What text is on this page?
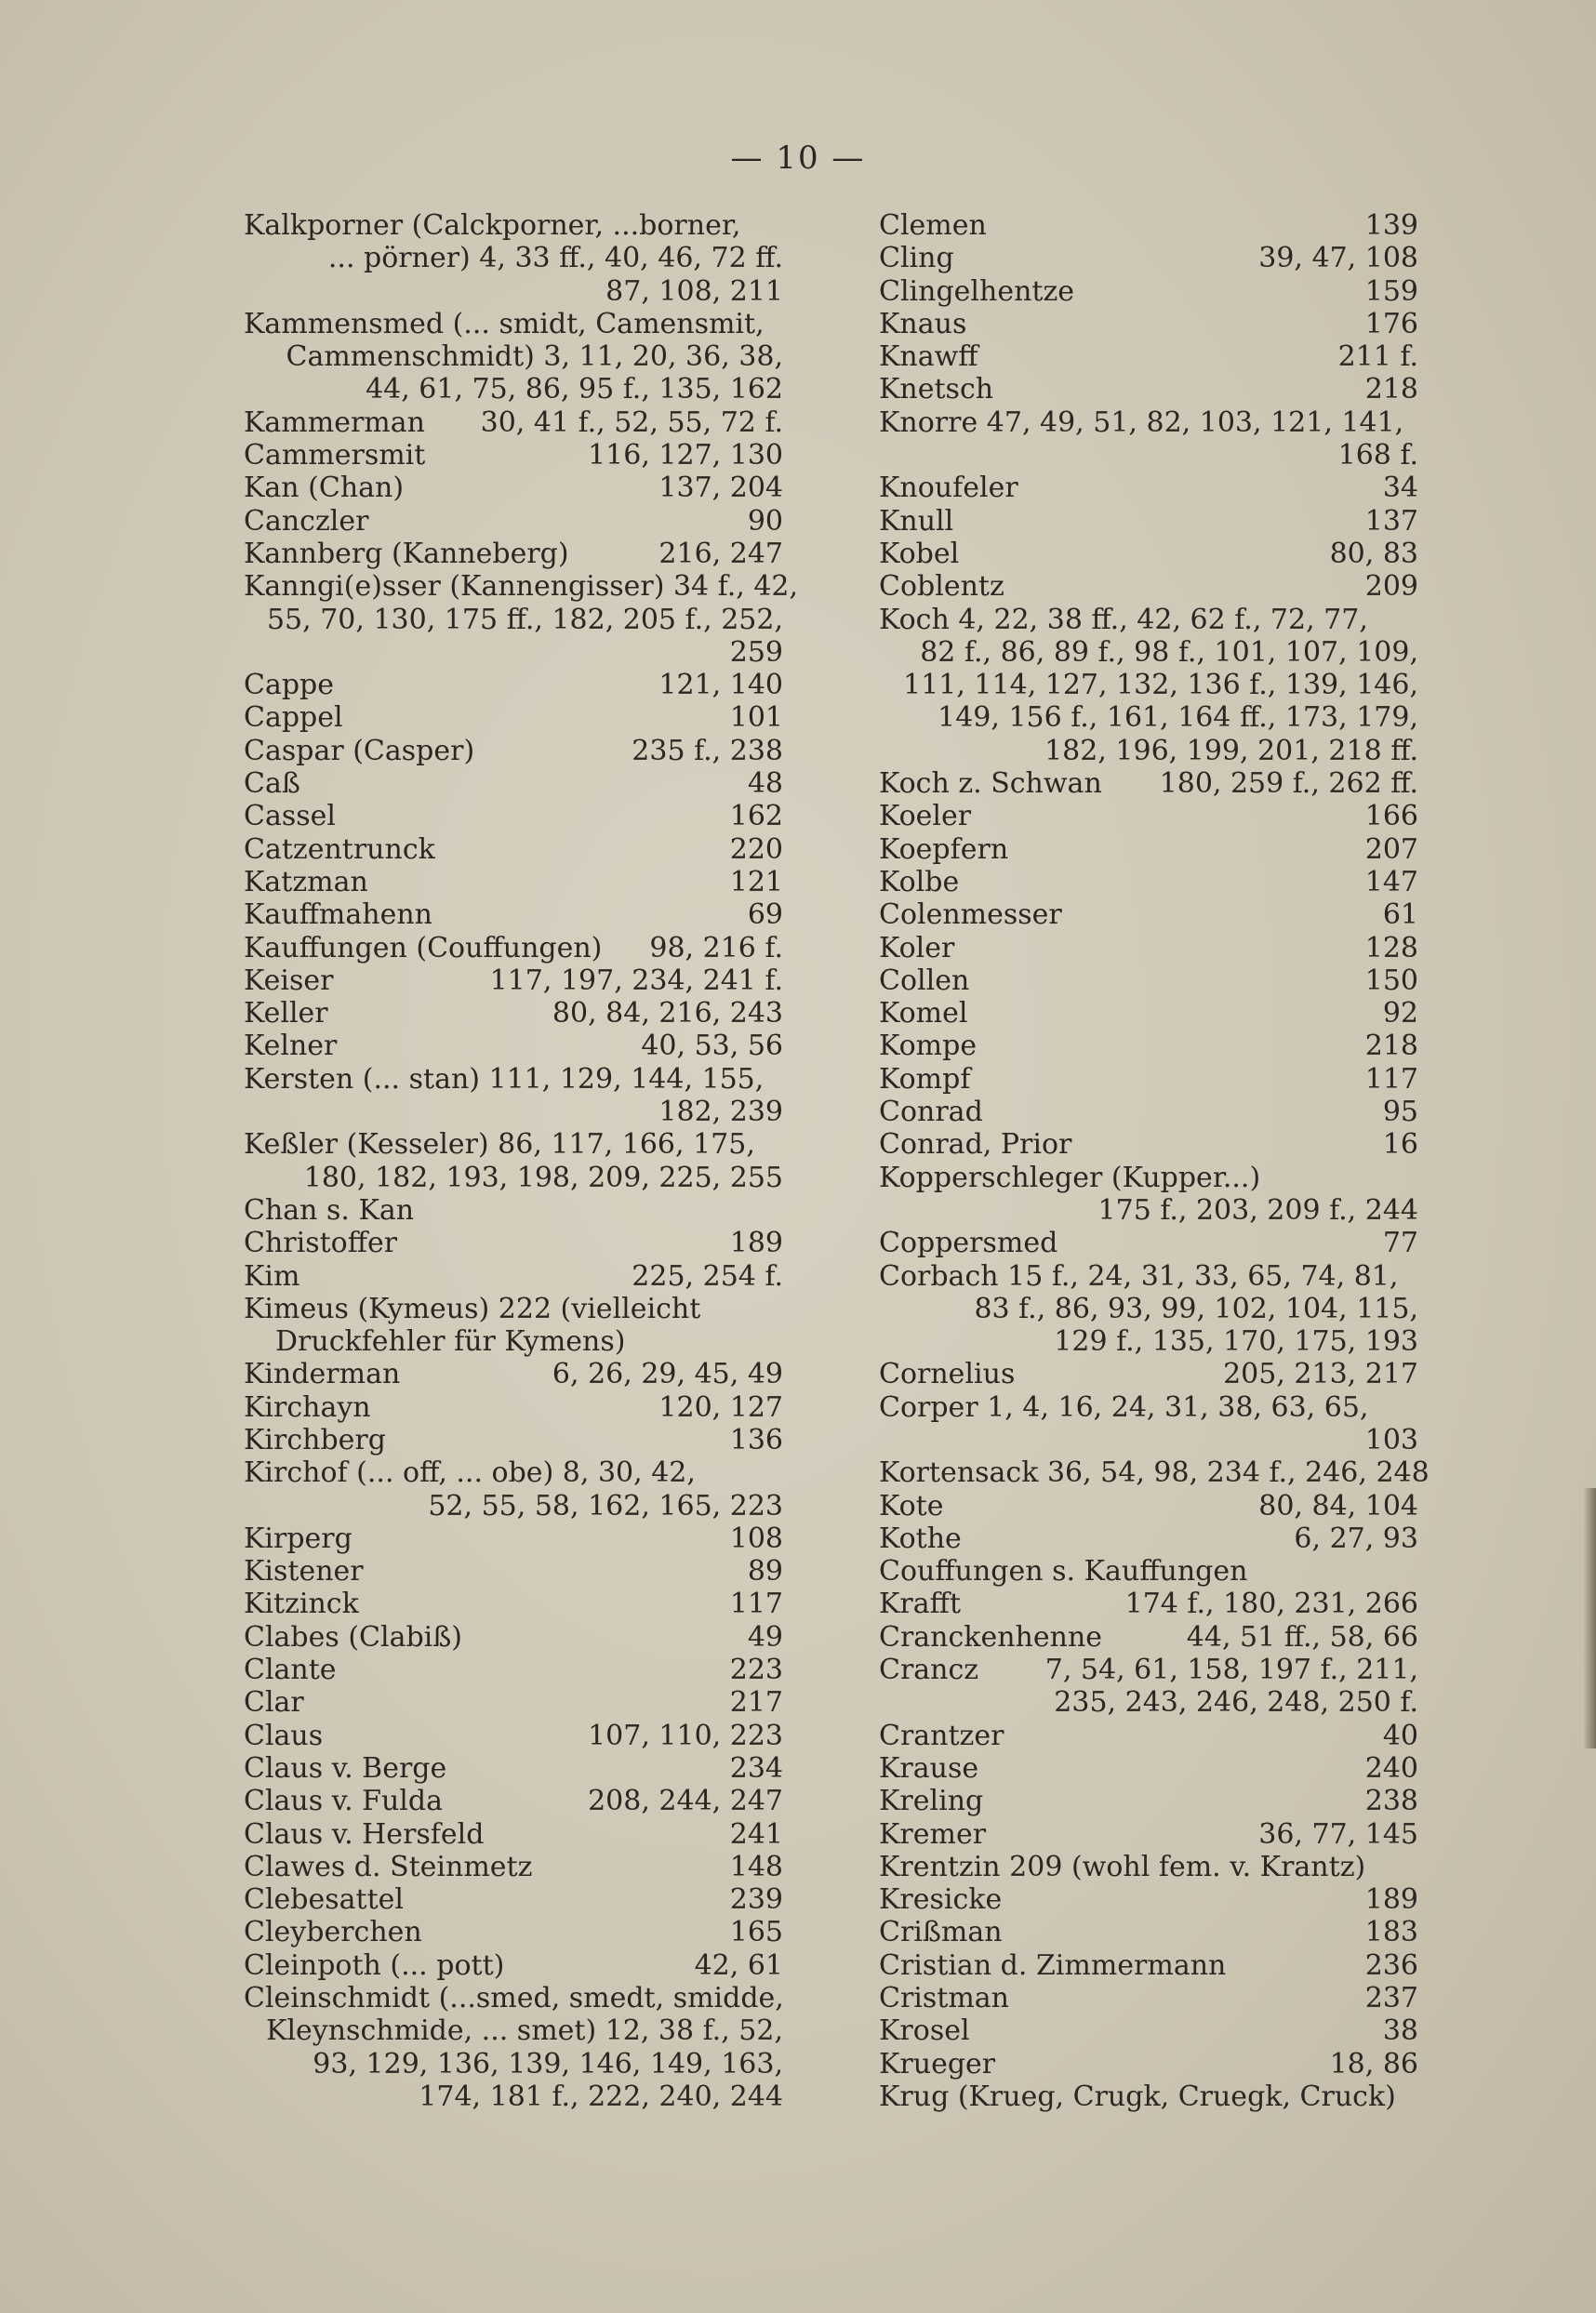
— 10 —
Kalkporner (Calckporner, ...borner,
... pörner) 4, 33 ff., 40, 46, 72 ff.
87, 108, 211
Kammensmed (... smidt, Camensmit,
Cammenschmidt) 3, 11, 20, 36, 38,
44, 61, 75, 86, 95 f., 135, 162
Kammerman	30, 41 f., 52, 55, 72 f.
Cammersmit	116, 127, 130
Kan (Chan)	137, 204
Canczler	90
Kannberg (Kanneberg)	216, 247
Kanngi(e)sser (Kannengisser) 34 f., 42,
55, 70, 130, 175 ff., 182, 205 f., 252,
259
Cappe	121, 140
Cappel	101
Caspar (Casper)	235 f., 238
Caß	48
Cassel	162
Catzentrunck	220
Katzman	121
Kauffmahenn	69
Kauffungen (Couffungen)	98, 216 f.
Keiser	117, 197, 234, 241 f.
Keller	80, 84, 216, 243
Kelner	40, 53, 56
Kersten (... stan) 111, 129, 144, 155,
182, 239
Keßler (Kesseler) 86, 117, 166, 175,
180, 182, 193, 198, 209, 225, 255
Chan s. Kan
Christoffer	189
Kim	225, 254 f.
Kimeus (Kymeus) 222 (vielleicht
Druckfehler für Kymens)
Kinderman	6, 26, 29, 45, 49
Kirchayn	120, 127
Kirchberg	136
Kirchof (... off, ... obe) 8, 30, 42,
52, 55, 58, 162, 165, 223
Kirperg	108
Kistener	89
Kitzinck	117
Clabes (Clabiß)	49
Clante	223
Clar	217
Claus	107, 110, 223
Claus v. Berge	234
Claus v. Fulda	208, 244, 247
Claus v. Hersfeld	241
Clawes d. Steinmetz	148
Clebesattel	239
Cleyberchen	165
Cleinpoth (... pott)	42, 61
Cleinschmidt (...smed, smedt, smidde,
Kleynschmide, ... smet) 12, 38 f., 52,
93, 129, 136, 139, 146, 149, 163,
174, 181 f., 222, 240, 244
Clemen	139
Cling	39, 47, 108
Clingelhentze	159
Knaus	176
Knawff	211 f.
Knetsch	218
Knorre 47, 49, 51, 82, 103, 121, 141,
168 f.
Knoufeler	34
Knull	137
Kobel	80, 83
Coblentz	209
Koch 4, 22, 38 ff., 42, 62 f., 72, 77,
82 f., 86, 89 f., 98 f., 101, 107, 109,
111, 114, 127, 132, 136 f., 139, 146,
149, 156 f., 161, 164 ff., 173, 179,
182, 196, 199, 201, 218 ff.
Koch z. Schwan	180, 259 f., 262 ff.
Koeler	166
Koepfern	207
Kolbe	147
Colenmesser	61
Koler	128
Collen	150
Komel	92
Kompe	218
Kompf	117
Conrad	95
Conrad, Prior	16
Kopperschleger (Kupper...)
175 f., 203, 209 f., 244
Coppersmed	77
Corbach 15 f., 24, 31, 33, 65, 74, 81,
83 f., 86, 93, 99, 102, 104, 115,
129 f., 135, 170, 175, 193
Cornelius	205, 213, 217
Corper 1, 4, 16, 24, 31, 38, 63, 65,
103
Kortensack 36, 54, 98, 234 f., 246, 248
Kote	80, 84, 104
Kothe	6, 27, 93
Couffungen s. Kauffungen
Krafft	174 f., 180, 231, 266
Cranckenhenne	44, 51 ff., 58, 66
Crancz	7, 54, 61, 158, 197 f., 211,
235, 243, 246, 248, 250 f.
Crantzer	40
Krause	240
Kreling	238
Kremer	36, 77, 145
Krentzin 209 (wohl fem. v. Krantz)
Kresicke	189
Crißman	183
Cristian d. Zimmermann	236
Cristman	237
Krosel	38
Krueger	18, 86
Krug (Krueg, Crugk, Cruegk, Cruck)
